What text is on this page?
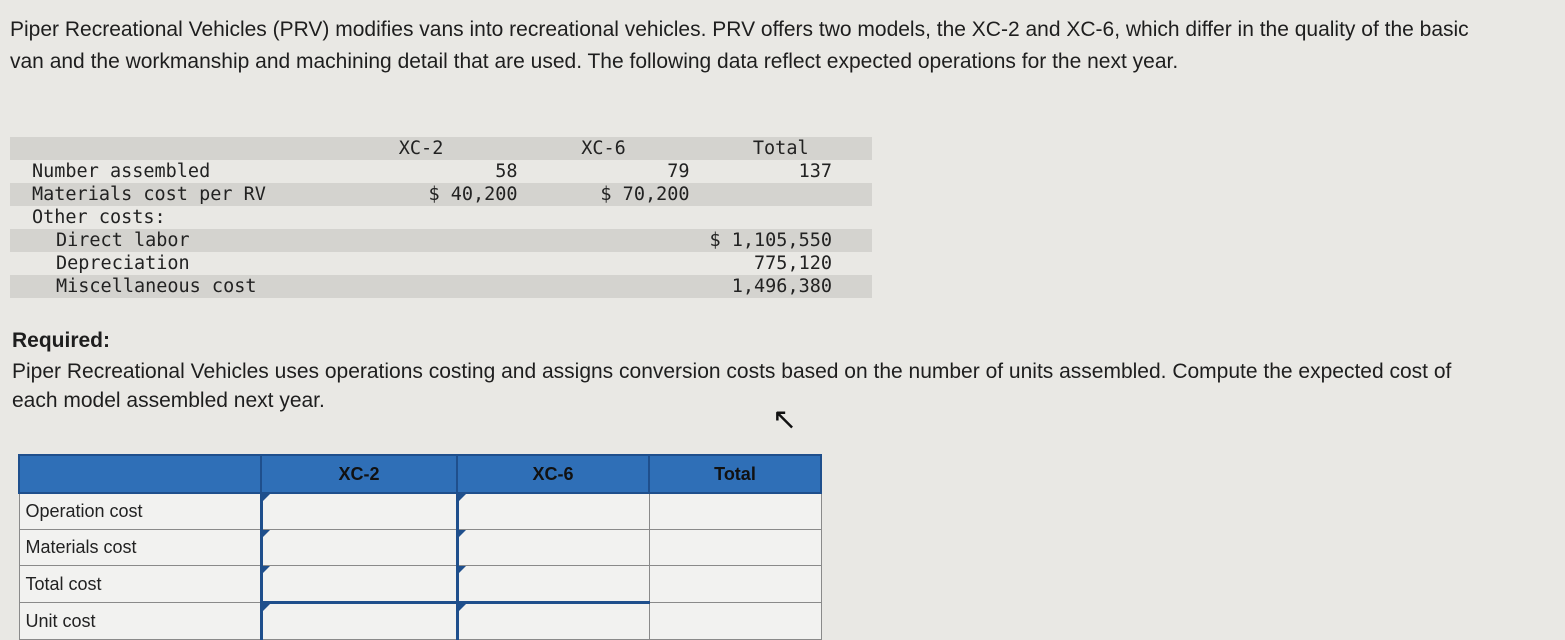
Piper Recreational Vehicles (PRV) modifies vans into recreational vehicles. PRV offers two models, the XC-2 and XC-6, which differ in the quality of the basic van and the workmanship and machining detail that are used. The following data reflect expected operations for the next year.

	XC-2	XC-6	Total
Number assembled	58	79	137
Materials cost per RV	$ 40,200	$ 70,200	
Other costs:			
Direct labor			$ 1,105,550
Depreciation			775,120
Miscellaneous cost			1,496,380
Required:

Piper Recreational Vehicles uses operations costing and assigns conversion costs based on the number of units assembled. Compute the expected cost of each model assembled next year.

↖
	XC-2	XC-6	Total
Operation cost			
Materials cost			
Total cost			
Unit cost			
